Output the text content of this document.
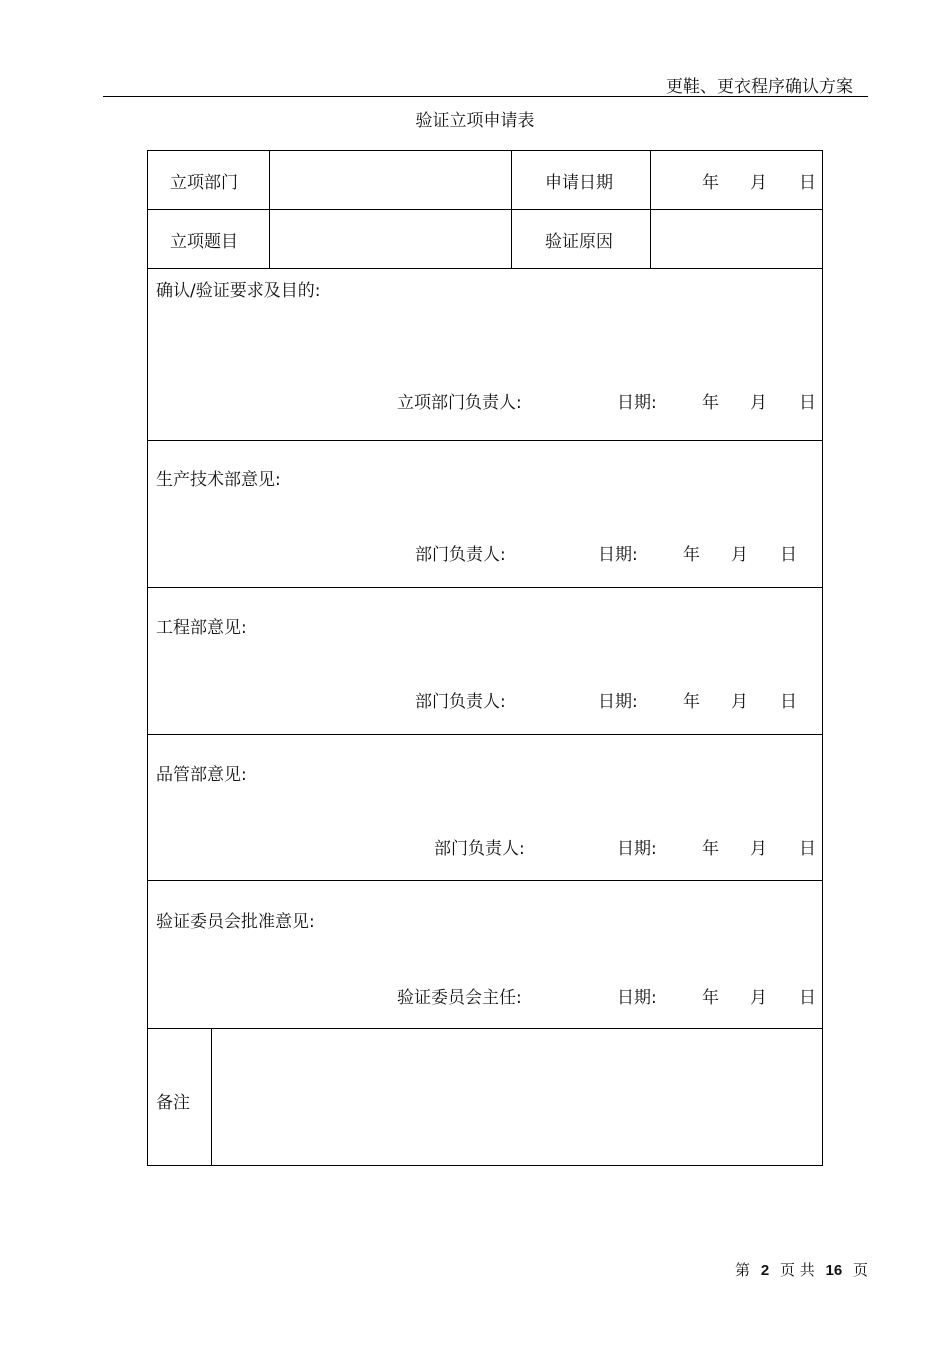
更鞋、更衣程序确认方案
验证立项申请表
立项部门	申请日期	年 月 日
立项题目	验证原因
确认/验证要求及目的:
立项部门负责人:	日期:	年 月 日
生产技术部意见:
部门负责人:	日期:	年 月 日
工程部意见:
部门负责人:	日期:	年 月 日
品管部意见:
部门负责人:	日期:	年 月 日
验证委员会批准意见:
验证委员会主任:	日期:	年 月 日
备注
第 2 页 共 16 页
